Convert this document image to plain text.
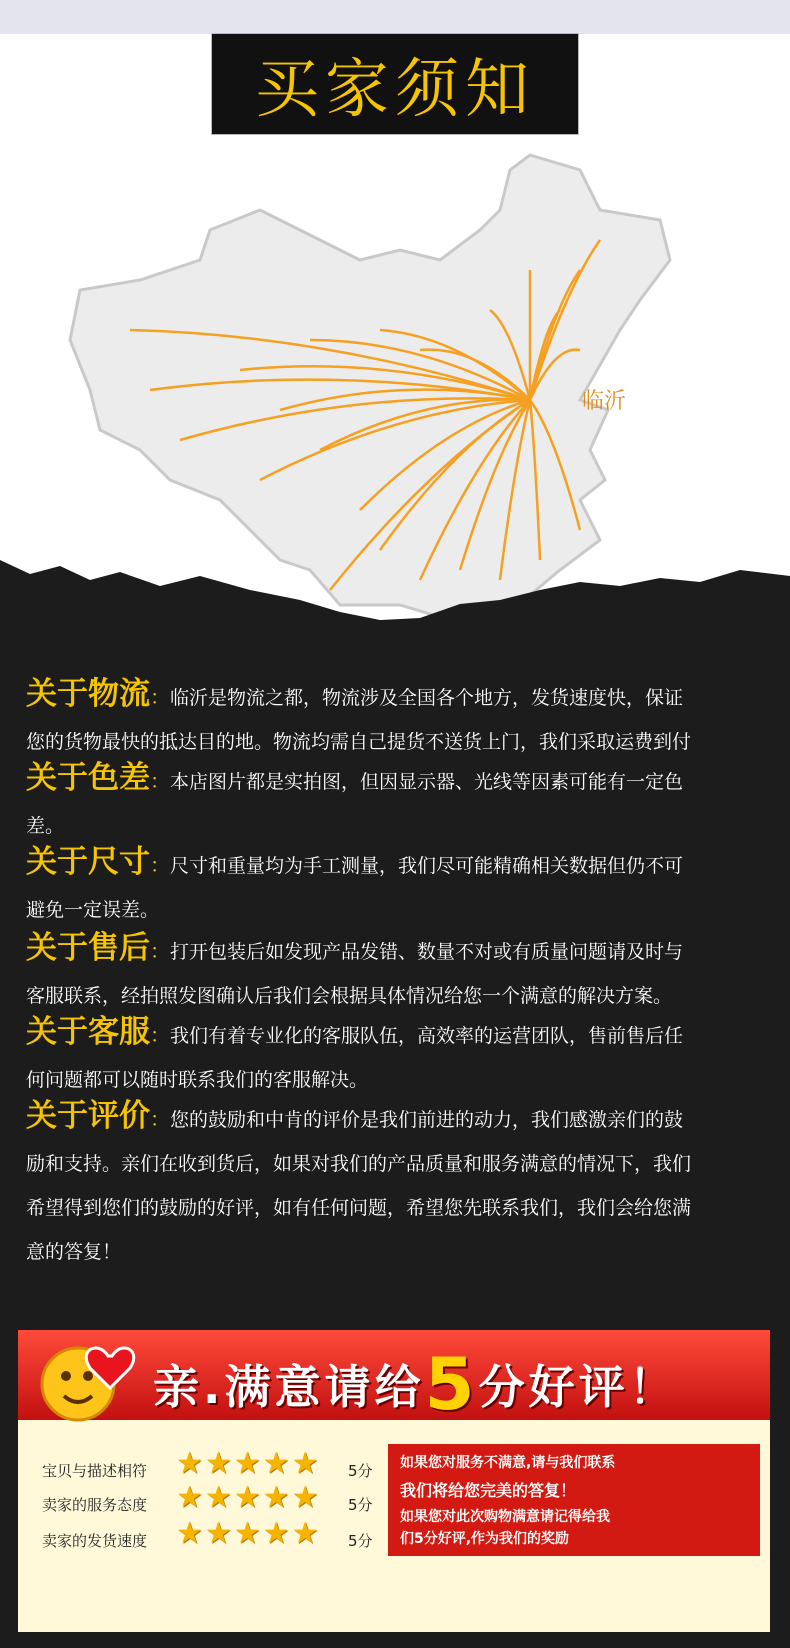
买家须知
临沂
关于物流：临沂是物流之都，物流涉及全国各个地方，发货速度快，保证
您的货物最快的抵达目的地。物流均需自己提货不送货上门，我们采取运费到付
关于色差：本店图片都是实拍图，但因显示器、光线等因素可能有一定色
差。
关于尺寸：尺寸和重量均为手工测量，我们尽可能精确相关数据但仍不可
避免一定误差。
关于售后：打开包装后如发现产品发错、数量不对或有质量问题请及时与
客服联系，经拍照发图确认后我们会根据具体情况给您一个满意的解决方案。
关于客服：我们有着专业化的客服队伍，高效率的运营团队，售前售后任
何问题都可以随时联系我们的客服解决。
关于评价：您的鼓励和中肯的评价是我们前进的动力，我们感激亲们的鼓
励和支持。亲们在收到货后，如果对我们的产品质量和服务满意的情况下，我们
希望得到您们的鼓励的好评，如有任何问题，希望您先联系我们，我们会给您满
意的答复！
亲.满意请给5分好评！
宝贝与描述相符 ★★★★★ 5分
卖家的服务态度 ★★★★★ 5分
卖家的发货速度 ★★★★★ 5分
如果您对服务不满意,请与我们联系
我们将给您完美的答复！
如果您对此次购物满意请记得给我
们5分好评,作为我们的奖励
